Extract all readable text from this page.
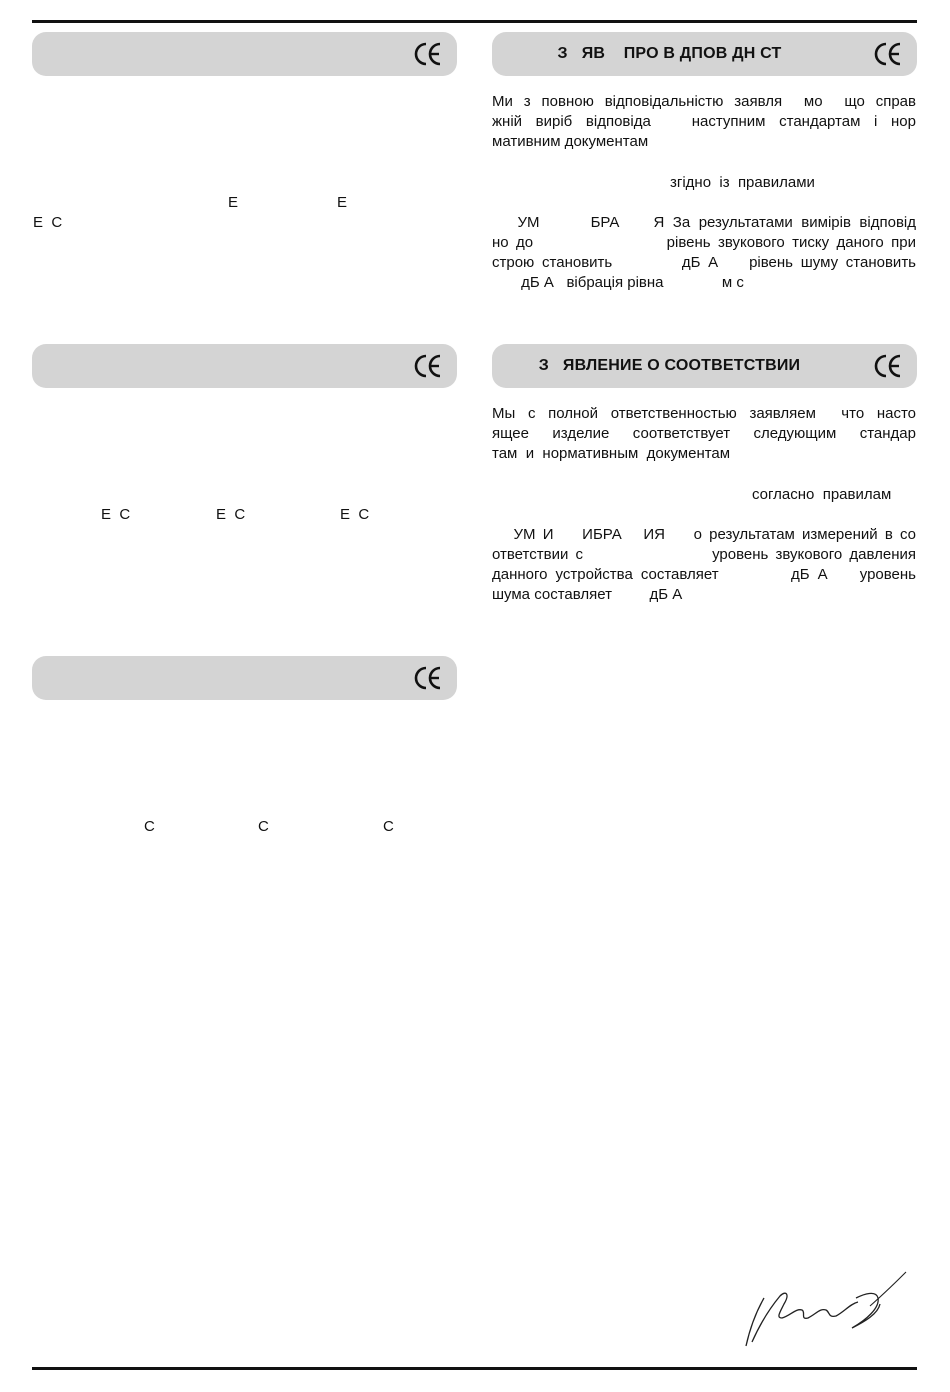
Е	Е
Е  С
Е  С	Е  С	Е  С
С	С	С
З   ЯВ    ПРО В ДПОВ ДН СТ
Ми з повною відповідальністю заявля  мо  що справ
жній виріб відповіда   наступним стандартам і нор
мативним документам
згідно  із  правилами
УМ      БРА    Я За результатами вимірів відповід
но до                  рівень звукового тиску даного при
строю становить         дБ А    рівень шуму становить
дБ А   вібрація рівна              м с
З   ЯВЛЕНИЕ О СООТВЕТСТВИИ
Мы с полной ответственностью заявляем  что насто
ящее изделие соответствует следующим стандар
там  и  нормативным  документам
согласно  правилам
УМ И    ИБРА   ИЯ    о результатам измерений в со
ответствии с                  уровень звукового давления
данного устройства составляет         дБ А    уровень
шума составляет         дБ А
